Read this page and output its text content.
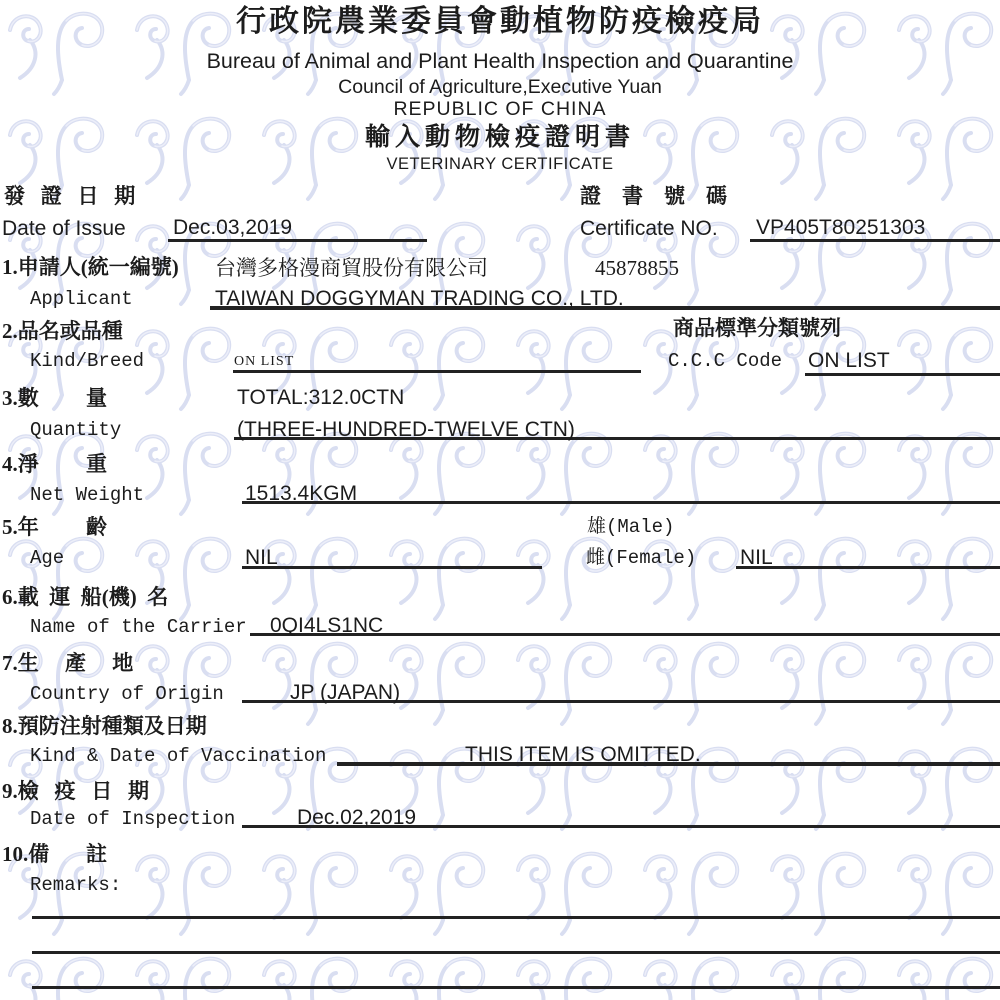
行政院農業委員會動植物防疫檢疫局
Bureau of Animal and Plant Health Inspection and Quarantine
Council of Agriculture,Executive Yuan
REPUBLIC OF CHINA
輸入動物檢疫證明書
VETERINARY CERTIFICATE
發   證   日   期
Date of Issue Dec.03,2019
證    書    號    碼
Certificate NO. VP405T80251303
1.申請人(統一編號) 台灣多格漫商貿股份有限公司	45878855
Applicant	TAIWAN DOGGYMAN TRADING CO., LTD.
2.品名或品種	商品標準分類號列
Kind/Breed	ON LIST	C.C.C Code ON LIST
3.數         量	TOTAL:312.0CTN
Quantity	(THREE-HUNDRED-TWELVE CTN)
4.淨         重
Net Weight	1513.4KGM
5.年         齡	雄(Male)
Age	NIL	雌(Female) NIL
6.載  運  船(機)  名
Name of the Carrier 0QI4LS1NC
7.生     產     地
Country of Origin	JP (JAPAN)
8.預防注射種類及日期
Kind & Date of Vaccination	THIS ITEM IS OMITTED.
9.檢   疫   日   期
Date of Inspection	Dec.02,2019
10.備       註
Remarks:
